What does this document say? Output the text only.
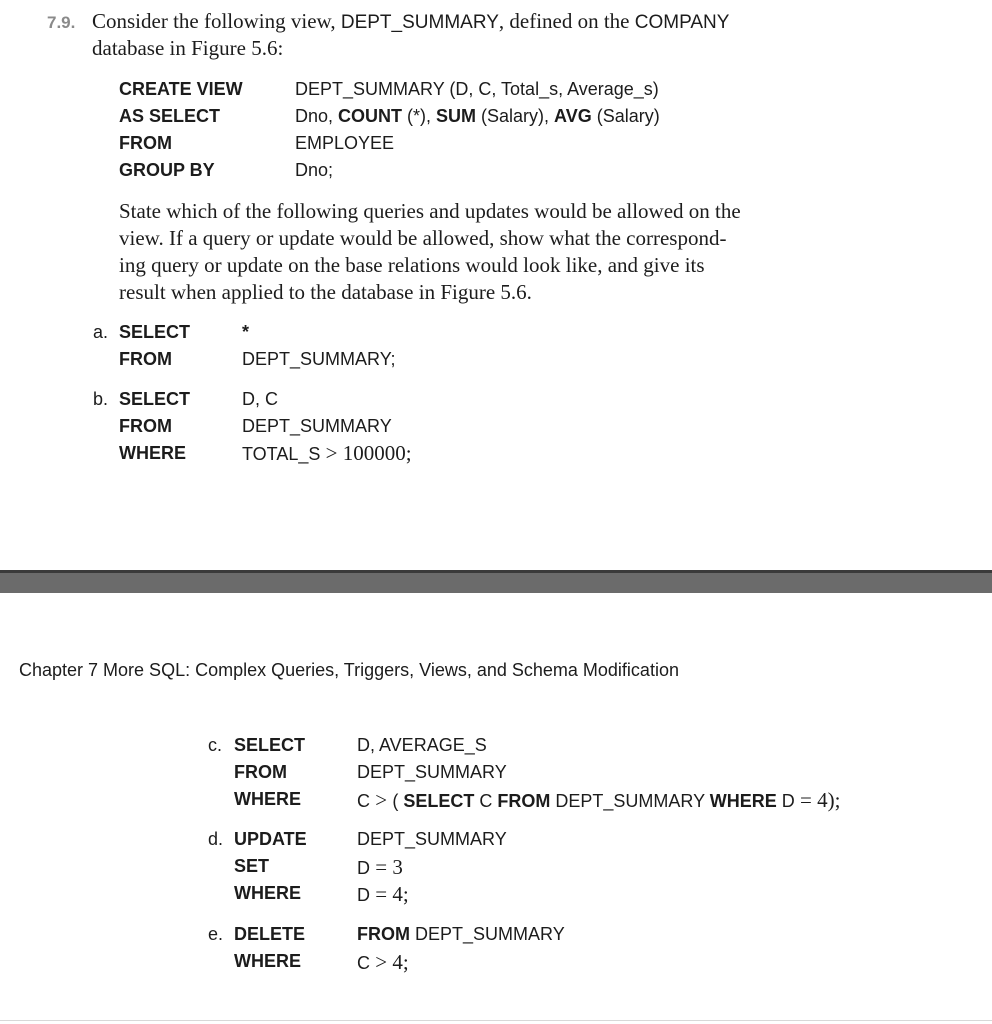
7.9. Consider the following view, DEPT_SUMMARY, defined on the COMPANY
database in Figure 5.6:
CREATE VIEW	DEPT_SUMMARY (D, C, Total_s, Average_s)
AS SELECT	Dno, COUNT (*), SUM (Salary), AVG (Salary)
FROM	EMPLOYEE
GROUP BY	Dno;
State which of the following queries and updates would be allowed on the
view. If a query or update would be allowed, show what the correspond-
ing query or update on the base relations would look like, and give its
result when applied to the database in Figure 5.6.
a. SELECT	*
FROM	DEPT_SUMMARY;
b. SELECT	D, C
FROM	DEPT_SUMMARY
WHERE	TOTAL_S > 100000;
Chapter 7 More SQL: Complex Queries, Triggers, Views, and Schema Modification
c. SELECT	D, AVERAGE_S
FROM	DEPT_SUMMARY
WHERE	C > ( SELECT C FROM DEPT_SUMMARY WHERE D = 4);
d. UPDATE	DEPT_SUMMARY
SET	D = 3
WHERE	D = 4;
e. DELETE	FROM DEPT_SUMMARY
WHERE	C > 4;
